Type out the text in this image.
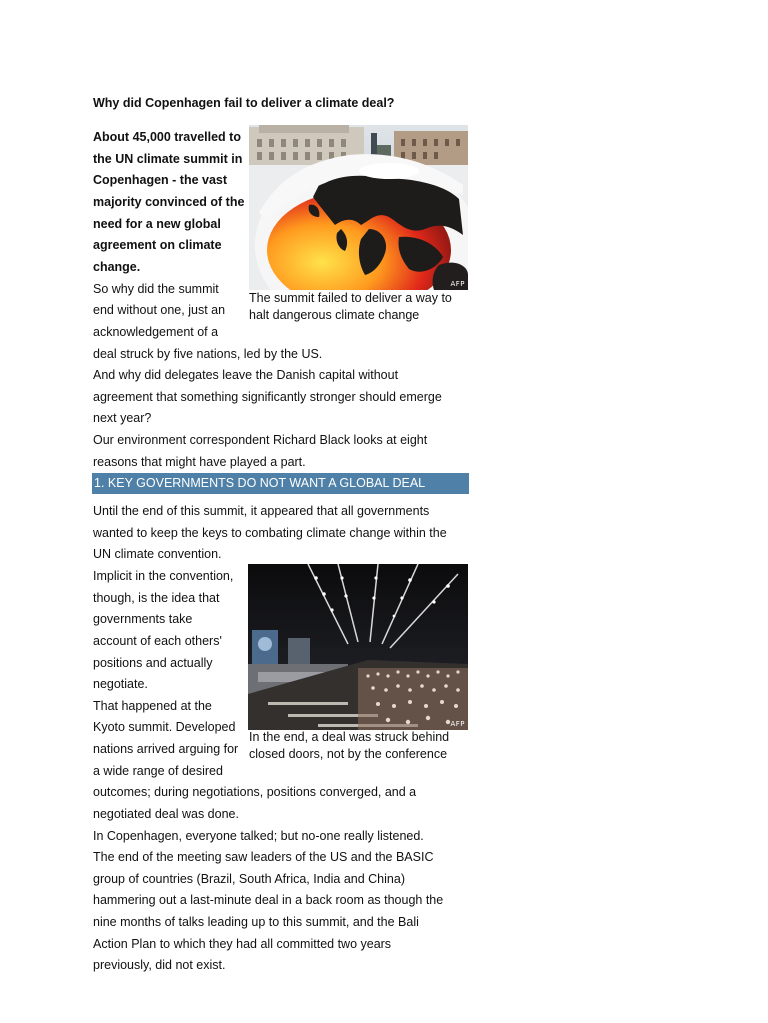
Why did Copenhagen fail to deliver a climate deal?
About 45,000 travelled to
the UN climate summit in
Copenhagen - the vast
majority convinced of the
need for a new global
agreement on climate
change.
So why did the summit
end without one, just an
acknowledgement of a
deal struck by five nations, led by the US.
And why did delegates leave the Danish capital without
agreement that something significantly stronger should emerge
next year?
Our environment correspondent Richard Black looks at eight
reasons that might have played a part.
AFP
The summit failed to deliver a way to
halt dangerous climate change
1. KEY GOVERNMENTS DO NOT WANT A GLOBAL DEAL
Until the end of this summit, it appeared that all governments
wanted to keep the keys to combating climate change within the
UN climate convention.
Implicit in the convention,
though, is the idea that
governments take
account of each others'
positions and actually
negotiate.
That happened at the
Kyoto summit. Developed
nations arrived arguing for
a wide range of desired
outcomes; during negotiations, positions converged, and a
negotiated deal was done.
In Copenhagen, everyone talked; but no-one really listened.
The end of the meeting saw leaders of the US and the BASIC
group of countries (Brazil, South Africa, India and China)
hammering out a last-minute deal in a back room as though the
nine months of talks leading up to this summit, and the Bali
Action Plan to which they had all committed two years
previously, did not exist.
AFP
In the end, a deal was struck behind
closed doors, not by the conference
